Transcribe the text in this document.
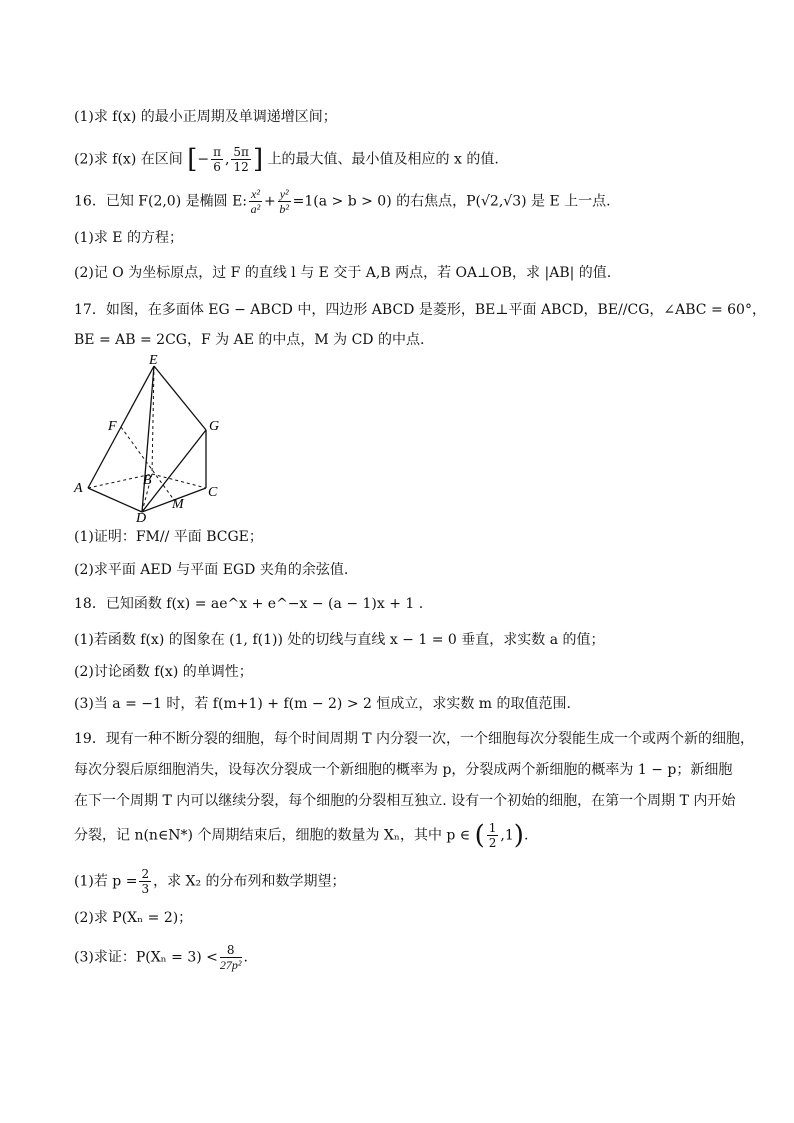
(1)求 f(x) 的最小正周期及单调递增区间；
(2)求 f(x) 在区间 [− $\frac{\pi}{6}$ , $\frac{5\pi}{12}$ ] 上的最大值、最小值及相应的 x 的值.
16．已知 F(2,0) 是椭圆 E: $\frac{\text{x²}}{\text{a²}} + \frac{\text{y²}}{\text{b²}} =1(a > b > 0)$ 的右焦点，P(√2,√3) 是 E 上一点.
(1)求 E 的方程；
(2)记 O 为坐标原点，过 F 的直线 l 与 E 交于 A,B 两点，若 OA⊥OB，求 |AB| 的值.
17．如图，在多面体 EG − ABCD 中，四边形 ABCD 是菱形，BE⊥平面 ABCD，BE//CG，∠ABC = 60°，
BE = AB = 2CG，F 为 AE 的中点，M 为 CD 的中点.
E
F	G
A
B
C
D
M
(1)证明：FM// 平面 BCGE；
(2)求平面 AED 与平面 EGD 夹角的余弦值.
18．已知函数 f(x) = ae^x + e^−x − (a − 1)x + 1 .
(1)若函数 f(x) 的图象在 (1, f(1)) 处的切线与直线 x − 1 = 0 垂直，求实数 a 的值；
(2)讨论函数 f(x) 的单调性；
(3)当 a = −1 时，若 f(m+1) + f(m − 2) > 2 恒成立，求实数 m 的取值范围.
19．现有一种不断分裂的细胞，每个时间周期 T 内分裂一次，一个细胞每次分裂能生成一个或两个新的细胞，
每次分裂后原细胞消失，设每次分裂成一个新细胞的概率为 p，分裂成两个新细胞的概率为 1 − p；新细胞
在下一个周期 T 内可以继续分裂，每个细胞的分裂相互独立. 设有一个初始的细胞，在第一个周期 T 内开始
分裂，记 n(n∈N*) 个周期结束后，细胞的数量为 Xₙ，其中 p ∈ ( $\frac{1}{2} ,1$).
(1)若 $p = \frac{2}{3}$ ，求 X₂ 的分布列和数学期望；
(2)求 P(Xₙ = 2)；
(3)求证：$P(X_n = 3) < \frac{8}{\text{27p²}}$ .
